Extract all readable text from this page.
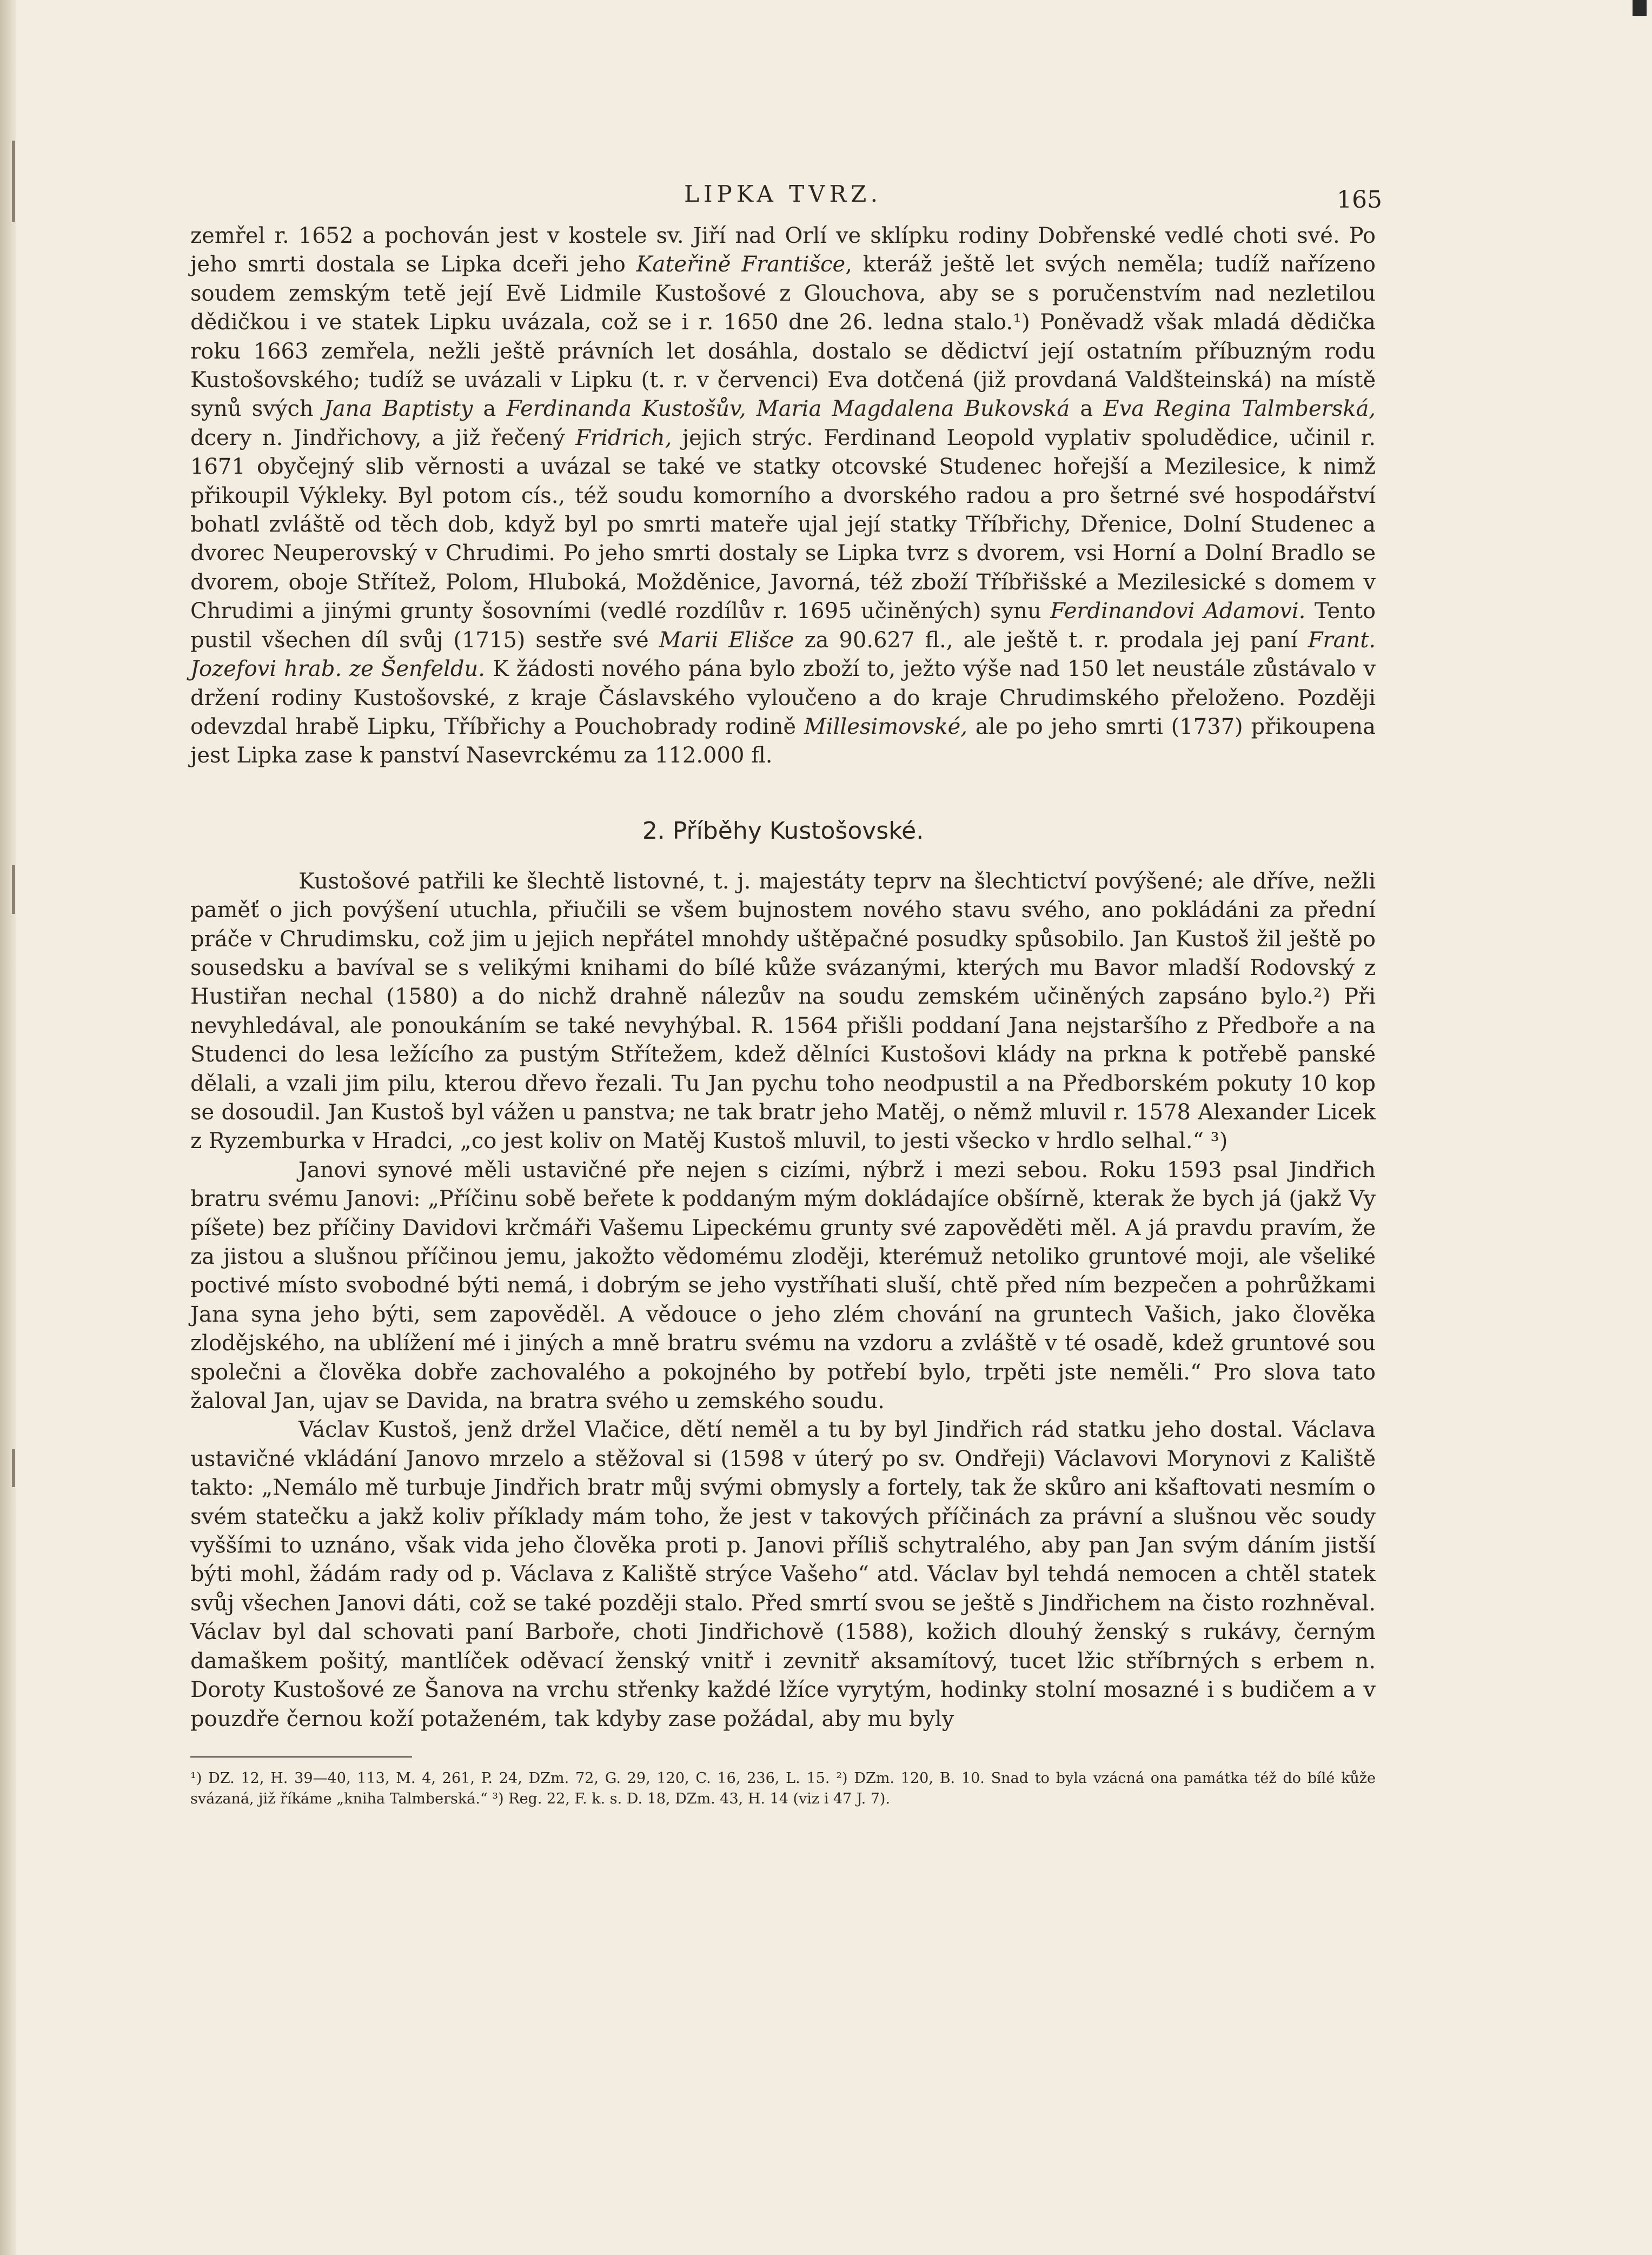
LIPKA TVRZ.	165

zemřel r. 1652 a pochován jest v kostele sv. Jiří nad Orlí ve sklípku rodiny Dobřenské vedlé choti své. Po jeho smrti dostala se Lipka dceři jeho Kateřině Františce, kteráž ještě let svých neměla; tudíž nařízeno soudem zemským tetě její Evě Lidmile Kustošové z Glouchova, aby se s poručenstvím nad nezletilou dědičkou i ve statek Lipku uvázala, což se i r. 1650 dne 26. ledna stalo.¹) Poněvadž však mladá dědička roku 1663 zemřela, nežli ještě právních let dosáhla, dostalo se dědictví její ostatním příbuzným rodu Kustošovského; tudíž se uvázali v Lipku (t. r. v červenci) Eva dotčená (již provdaná Valdšteinská) na místě synů svých Jana Baptisty a Ferdinanda Kustošův, Maria Magdalena Bukovská a Eva Regina Talmberská, dcery n. Jindřichovy, a již řečený Fridrich, jejich strýc. Ferdinand Leopold vyplativ spoludědice, učinil r. 1671 obyčejný slib věrnosti a uvázal se také ve statky otcovské Studenec hořejší a Mezilesice, k nimž přikoupil Výkleky. Byl potom cís., též soudu komorního a dvorského radou a pro šetrné své hospodářství bohatl zvláště od těch dob, když byl po smrti mateře ujal její statky Tříbřichy, Dřenice, Dolní Studenec a dvorec Neuperovský v Chrudimi. Po jeho smrti dostaly se Lipka tvrz s dvorem, vsi Horní a Dolní Bradlo se dvorem, oboje Střítež, Polom, Hluboká, Možděnice, Javorná, též zboží Tříbřišské a Mezilesické s domem v Chrudimi a jinými grunty šosovními (vedlé rozdílův r. 1695 učiněných) synu Ferdinandovi Adamovi. Tento pustil všechen díl svůj (1715) sestře své Marii Elišce za 90.627 fl., ale ještě t. r. prodala jej paní Frant. Jozefovi hrab. ze Šenfeldu. K žádosti nového pána bylo zboží to, ježto výše nad 150 let neustále zůstávalo v držení rodiny Kustošovské, z kraje Čáslavského vyloučeno a do kraje Chrudimského přeloženo. Později odevzdal hrabě Lipku, Tříbřichy a Pouchobrady rodině Millesimovské, ale po jeho smrti (1737) přikoupena jest Lipka zase k panství Nasevrckému za 112.000 fl.

2. Příběhy Kustošovské.

Kustošové patřili ke šlechtě listovné, t. j. majestáty teprv na šlechtictví povýšené; ale dříve, nežli paměť o jich povýšení utuchla, přiučili se všem bujnostem nového stavu svého, ano pokládáni za přední práče v Chrudimsku, což jim u jejich nepřátel mnohdy uštěpačné posudky spůsobilo. Jan Kustoš žil ještě po sousedsku a bavíval se s velikými knihami do bílé kůže svázanými, kterých mu Bavor mladší Rodovský z Hustiřan nechal (1580) a do nichž drahně nálezův na soudu zemském učiněných zapsáno bylo.²) Při nevyhledával, ale ponoukáním se také nevyhýbal. R. 1564 přišli poddaní Jana nejstaršího z Předboře a na Studenci do lesa ležícího za pustým Střítežem, kdež dělníci Kustošovi klády na prkna k potřebě panské dělali, a vzali jim pilu, kterou dřevo řezali. Tu Jan pychu toho neodpustil a na Předborském pokuty 10 kop se dosoudil. Jan Kustoš byl vážen u panstva; ne tak bratr jeho Matěj, o němž mluvil r. 1578 Alexander Licek z Ryzemburka v Hradci, „co jest koliv on Matěj Kustoš mluvil, to jesti všecko v hrdlo selhal.“ ³)

Janovi synové měli ustavičné pře nejen s cizími, nýbrž i mezi sebou. Roku 1593 psal Jindřich bratru svému Janovi: „Příčinu sobě beřete k poddaným mým dokládajíce obšírně, kterak že bych já (jakž Vy píšete) bez příčiny Davidovi krčmáři Vašemu Lipeckému grunty své zapověděti měl. A já pravdu pravím, že za jistou a slušnou příčinou jemu, jakožto vědomému zloději, kterémuž netoliko gruntové moji, ale všeliké poctivé místo svobodné býti nemá, i dobrým se jeho vystříhati sluší, chtě před ním bezpečen a pohrůžkami Jana syna jeho býti, sem zapověděl. A vědouce o jeho zlém chování na gruntech Vašich, jako člověka zlodějského, na ublížení mé i jiných a mně bratru svému na vzdoru a zvláště v té osadě, kdež gruntové sou společni a člověka dobře zachovalého a pokojného by potřebí bylo, trpěti jste neměli.“ Pro slova tato žaloval Jan, ujav se Davida, na bratra svého u zemského soudu.

Václav Kustoš, jenž držel Vlačice, dětí neměl a tu by byl Jindřich rád statku jeho dostal. Václava ustavičné vkládání Janovo mrzelo a stěžoval si (1598 v úterý po sv. Ondřeji) Václavovi Morynovi z Kaliště takto: „Nemálo mě turbuje Jindřich bratr můj svými obmysly a fortely, tak že skůro ani kšaftovati nesmím o svém statečku a jakž koliv příklady mám toho, že jest v takových příčinách za právní a slušnou věc soudy vyššími to uznáno, však vida jeho člověka proti p. Janovi příliš schytralého, aby pan Jan svým dáním jistší býti mohl, žádám rady od p. Václava z Kaliště strýce Vašeho“ atd. Václav byl tehdá nemocen a chtěl statek svůj všechen Janovi dáti, což se také později stalo. Před smrtí svou se ještě s Jindřichem na čisto rozhněval. Václav byl dal schovati paní Barboře, choti Jindřichově (1588), kožich dlouhý ženský s rukávy, černým damaškem pošitý, mantlíček oděvací ženský vnitř i zevnitř aksamítový, tucet lžic stříbrných s erbem n. Doroty Kustošové ze Šanova na vrchu střenky každé lžíce vyrytým, hodinky stolní mosazné i s budičem a v pouzdře černou koží potaženém, tak kdyby zase požádal, aby mu byly

¹) DZ. 12, H. 39—40, 113, M. 4, 261, P. 24, DZm. 72, G. 29, 120, C. 16, 236, L. 15. ²) DZm. 120, B. 10. Snad to byla vzácná ona památka též do bílé kůže svázaná, již říkáme „kniha Talmberská.“ ³) Reg. 22, F. k. s. D. 18, DZm. 43, H. 14 (viz i 47 J. 7).
